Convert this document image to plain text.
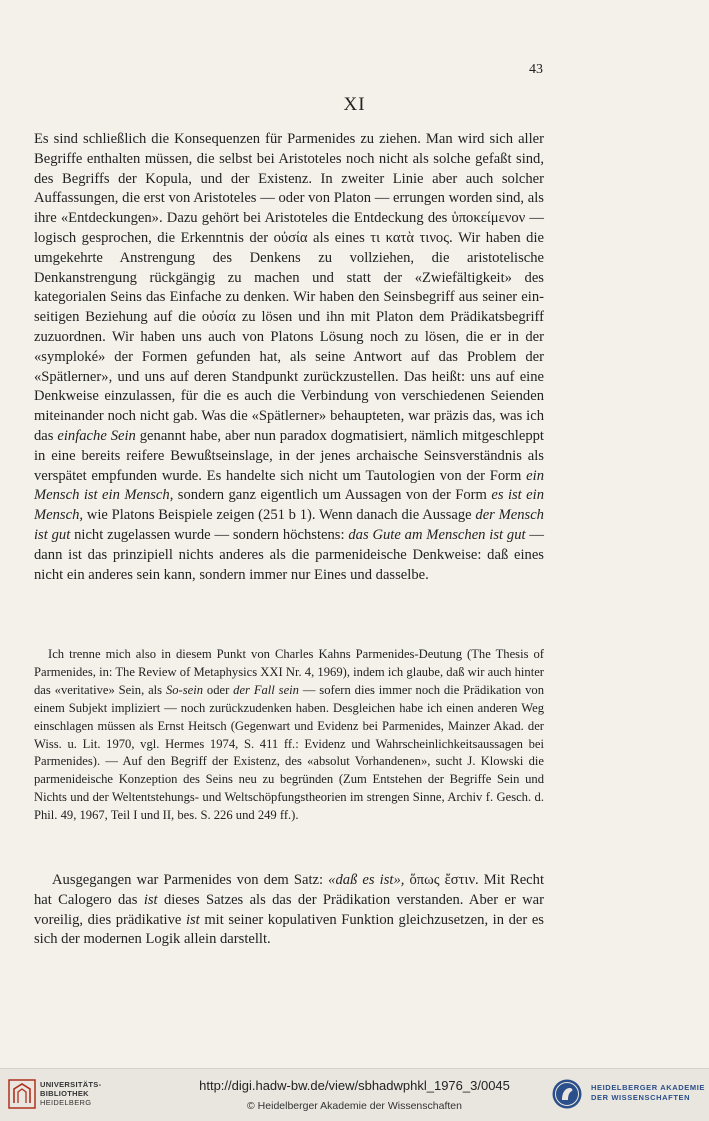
43
XI

Es sind schließlich die Konsequenzen für Parmenides zu ziehen. Man wird sich aller Begriffe enthalten müssen, die selbst bei Aristoteles noch nicht als solche gefaßt sind, des Begriffs der Kopula, und der Existenz. In zweiter Linie aber auch solcher Auffassungen, die erst von Aristoteles — oder von Platon — errungen worden sind, als ihre «Entdeckungen». Dazu gehört bei Aristoteles die Entdeckung des ὑποκείμενον — logisch gesprochen, die Erkenntnis der οὐσία als eines τι κατὰ τινος. Wir haben die umgekehrte Anstrengung des Denkens zu vollziehen, die aristotelische Denkanstrengung rückgängig zu machen und statt der «Zwiefältigkeit» des kategorialen Seins das Einfache zu denken. Wir haben den Seinsbegriff aus seiner einseitigen Beziehung auf die οὐσία zu lösen und ihn mit Platon dem Prädikatsbegriff zuzuordnen. Wir haben uns auch von Platons Lösung noch zu lösen, die er in der «symploké» der Formen gefunden hat, als seine Antwort auf das Problem der «Spätlerner», und uns auf deren Standpunkt zurückzustellen. Das heißt: uns auf eine Denkweise einzulassen, für die es auch die Verbindung von verschiedenen Seienden miteinander noch nicht gab. Was die «Spätlerner» behaupteten, war präzis das, was ich das einfache Sein genannt habe, aber nun paradox dogmatisiert, nämlich mitgeschleppt in eine bereits reifere Bewußtseinslage, in der jenes archaische Seinsverständnis als verspätet empfunden wurde. Es handelte sich nicht um Tautologien von der Form ein Mensch ist ein Mensch, sondern ganz eigentlich um Aussagen von der Form es ist ein Mensch, wie Platons Beispiele zeigen (251 b 1). Wenn danach die Aussage der Mensch ist gut nicht zugelassen wurde — sondern höchstens: das Gute am Menschen ist gut — dann ist das prinzipiell nichts anderes als die parmenideische Denkweise: daß eines nicht ein anderes sein kann, sondern immer nur Eines und dasselbe.

Ich trenne mich also in diesem Punkt von Charles Kahns Parmenides-Deutung (The Thesis of Parmenides, in: The Review of Metaphysics XXI Nr. 4, 1969), indem ich glaube, daß wir auch hinter das «veritative» Sein, als So-sein oder der Fall sein — sofern dies immer noch die Prädikation von einem Subjekt impliziert — noch zurückzudenken haben. Desgleichen habe ich einen anderen Weg einschlagen müssen als Ernst Heitsch (Gegenwart und Evidenz bei Parmenides, Mainzer Akad. der Wiss. u. Lit. 1970, vgl. Hermes 1974, S. 411 ff.: Evidenz und Wahrscheinlichkeitsaussagen bei Parmenides). — Auf den Begriff der Existenz, des «absolut Vorhandenen», sucht J. Klowski die parmenideische Konzeption des Seins neu zu begründen (Zum Entstehen der Begriffe Sein und Nichts und der Weltentstehungs- und Weltschöpfungstheorien im strengen Sinne, Archiv f. Gesch. d. Phil. 49, 1967, Teil I und II, bes. S. 226 und 249 ff.).

Ausgegangen war Parmenides von dem Satz: «daß es ist», ὅπως ἔστιν. Mit Recht hat Calogero das ist dieses Satzes als das der Prädikation verstanden. Aber er war voreilig, dies prädikative ist mit seiner kopulativen Funktion gleichzusetzen, in der es sich der modernen Logik allein darstellt.

UNIVERSITÄTS-
BIBLIOTHEK
HEIDELBERG
http://digi.hadw-bw.de/view/sbhadwphkl_1976_3/0045
© Heidelberger Akademie der Wissenschaften
HEIDELBERGER AKADEMIE
DER WISSENSCHAFTEN
